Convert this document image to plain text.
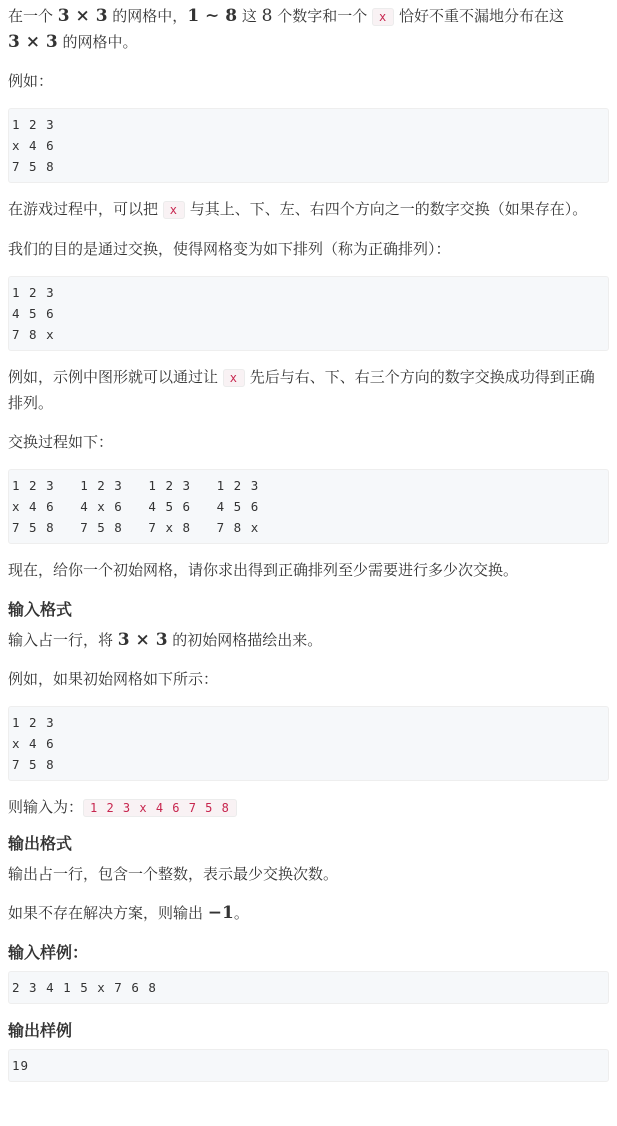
在一个 3 × 3 的网格中，1 ∼ 8 这 8 个数字和一个 x 恰好不重不漏地分布在这
3 × 3 的网格中。

例如：

1 2 3
x 4 6
7 5 8

在游戏过程中，可以把 x 与其上、下、左、右四个方向之一的数字交换（如果存在）。

我们的目的是通过交换，使得网格变为如下排列（称为正确排列）：

1 2 3
4 5 6
7 8 x

例如，示例中图形就可以通过让 x 先后与右、下、右三个方向的数字交换成功得到正确排列。

交换过程如下：

1 2 3   1 2 3   1 2 3   1 2 3
x 4 6   4 x 6   4 5 6   4 5 6
7 5 8   7 5 8   7 x 8   7 8 x

现在，给你一个初始网格，请你求出得到正确排列至少需要进行多少次交换。

输入格式

输入占一行，将 3 × 3 的初始网格描绘出来。

例如，如果初始网格如下所示：

1 2 3
x 4 6
7 5 8

则输入为： 1 2 3 x 4 6 7 5 8

输出格式

输出占一行，包含一个整数，表示最少交换次数。

如果不存在解决方案，则输出 −1。

输入样例：
2 3 4 1 5 x 7 6 8
输出样例
19
